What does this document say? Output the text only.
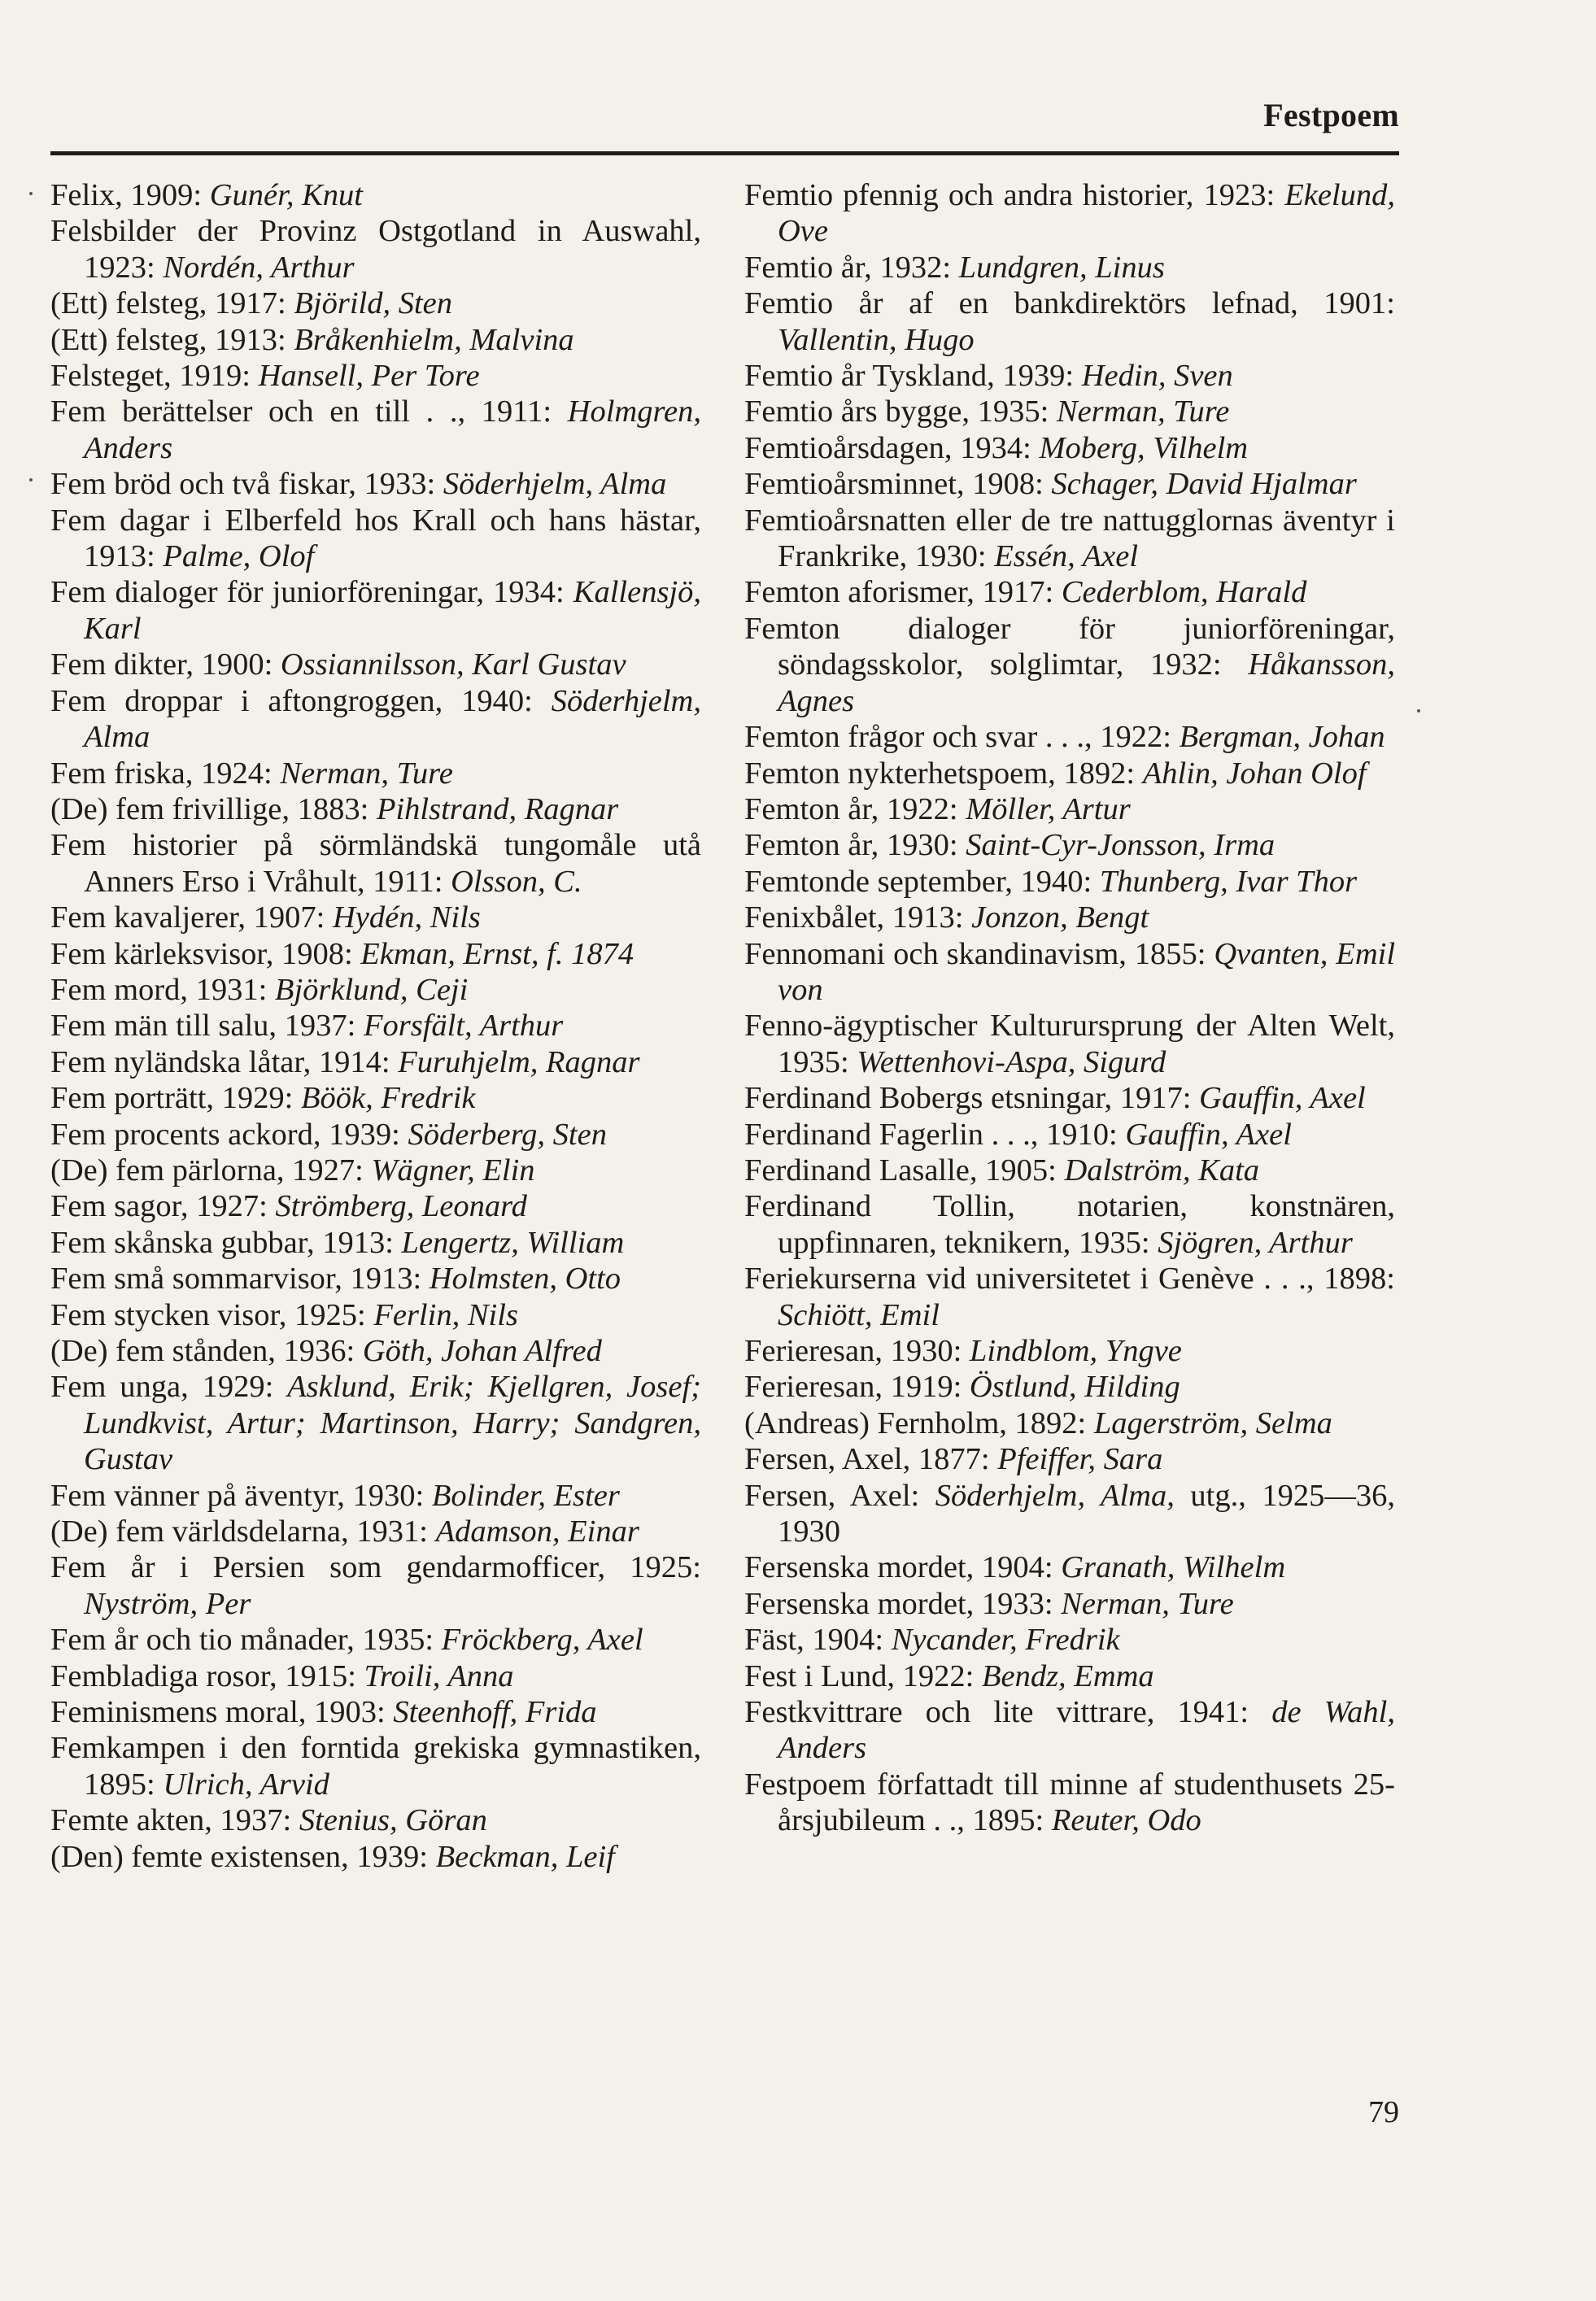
Festpoem
Felix, 1909: Gunér, Knut
Felsbilder der Provinz Ostgotland in Auswahl, 1923: Nordén, Arthur
(Ett) felsteg, 1917: Björild, Sten
(Ett) felsteg, 1913: Bråkenhielm, Malvina
Felsteget, 1919: Hansell, Per Tore
Fem berättelser och en till . ., 1911: Holmgren, Anders
Fem bröd och två fiskar, 1933: Söderhjelm, Alma
Fem dagar i Elberfeld hos Krall och hans hästar, 1913: Palme, Olof
Fem dialoger för juniorföreningar, 1934: Kallensjö, Karl
Fem dikter, 1900: Ossiannilsson, Karl Gustav
Fem droppar i aftongroggen, 1940: Söderhjelm, Alma
Fem friska, 1924: Nerman, Ture
(De) fem frivillige, 1883: Pihlstrand, Ragnar
Fem historier på sörmländskä tungomåle utå Anners Erso i Vråhult, 1911: Olsson, C.
Fem kavaljerer, 1907: Hydén, Nils
Fem kärleksvisor, 1908: Ekman, Ernst, f. 1874
Fem mord, 1931: Björklund, Ceji
Fem män till salu, 1937: Forsfält, Arthur
Fem nyländska låtar, 1914: Furuhjelm, Ragnar
Fem porträtt, 1929: Böök, Fredrik
Fem procents ackord, 1939: Söderberg, Sten
(De) fem pärlorna, 1927: Wägner, Elin
Fem sagor, 1927: Strömberg, Leonard
Fem skånska gubbar, 1913: Lengertz, William
Fem små sommarvisor, 1913: Holmsten, Otto
Fem stycken visor, 1925: Ferlin, Nils
(De) fem stånden, 1936: Göth, Johan Alfred
Fem unga, 1929: Asklund, Erik; Kjellgren, Josef; Lundkvist, Artur; Martinson, Harry; Sandgren, Gustav
Fem vänner på äventyr, 1930: Bolinder, Ester
(De) fem världsdelarna, 1931: Adamson, Einar
Fem år i Persien som gendarmofficer, 1925: Nyström, Per
Fem år och tio månader, 1935: Fröckberg, Axel
Fembladiga rosor, 1915: Troili, Anna
Feminismens moral, 1903: Steenhoff, Frida
Femkampen i den forntida grekiska gymnastiken, 1895: Ulrich, Arvid
Femte akten, 1937: Stenius, Göran
(Den) femte existensen, 1939: Beckman, Leif
Femtio pfennig och andra historier, 1923: Ekelund, Ove
Femtio år, 1932: Lundgren, Linus
Femtio år af en bankdirektörs lefnad, 1901: Vallentin, Hugo
Femtio år Tyskland, 1939: Hedin, Sven
Femtio års bygge, 1935: Nerman, Ture
Femtioårsdagen, 1934: Moberg, Vilhelm
Femtioårsminnet, 1908: Schager, David Hjalmar
Femtioårsnatten eller de tre nattugglornas äventyr i Frankrike, 1930: Essén, Axel
Femton aforismer, 1917: Cederblom, Harald
Femton dialoger för juniorföreningar, söndagsskolor, solglimtar, 1932: Håkansson, Agnes
Femton frågor och svar . . ., 1922: Bergman, Johan
Femton nykterhetspoem, 1892: Ahlin, Johan Olof
Femton år, 1922: Möller, Artur
Femton år, 1930: Saint-Cyr-Jonsson, Irma
Femtonde september, 1940: Thunberg, Ivar Thor
Fenixbålet, 1913: Jonzon, Bengt
Fennomani och skandinavism, 1855: Qvanten, Emil von
Fenno-ägyptischer Kulturursprung der Alten Welt, 1935: Wettenhovi-Aspa, Sigurd
Ferdinand Bobergs etsningar, 1917: Gauffin, Axel
Ferdinand Fagerlin . . ., 1910: Gauffin, Axel
Ferdinand Lasalle, 1905: Dalström, Kata
Ferdinand Tollin, notarien, konstnären, uppfinnaren, teknikern, 1935: Sjögren, Arthur
Feriekurserna vid universitetet i Genève . . ., 1898: Schiött, Emil
Ferieresan, 1930: Lindblom, Yngve
Ferieresan, 1919: Östlund, Hilding
(Andreas) Fernholm, 1892: Lagerström, Selma
Fersen, Axel, 1877: Pfeiffer, Sara
Fersen, Axel: Söderhjelm, Alma, utg., 1925—36, 1930
Fersenska mordet, 1904: Granath, Wilhelm
Fersenska mordet, 1933: Nerman, Ture
Fäst, 1904: Nycander, Fredrik
Fest i Lund, 1922: Bendz, Emma
Festkvittrare och lite vittrare, 1941: de Wahl, Anders
Festpoem författadt till minne af studenthusets 25-årsjubileum . ., 1895: Reuter, Odo
79
